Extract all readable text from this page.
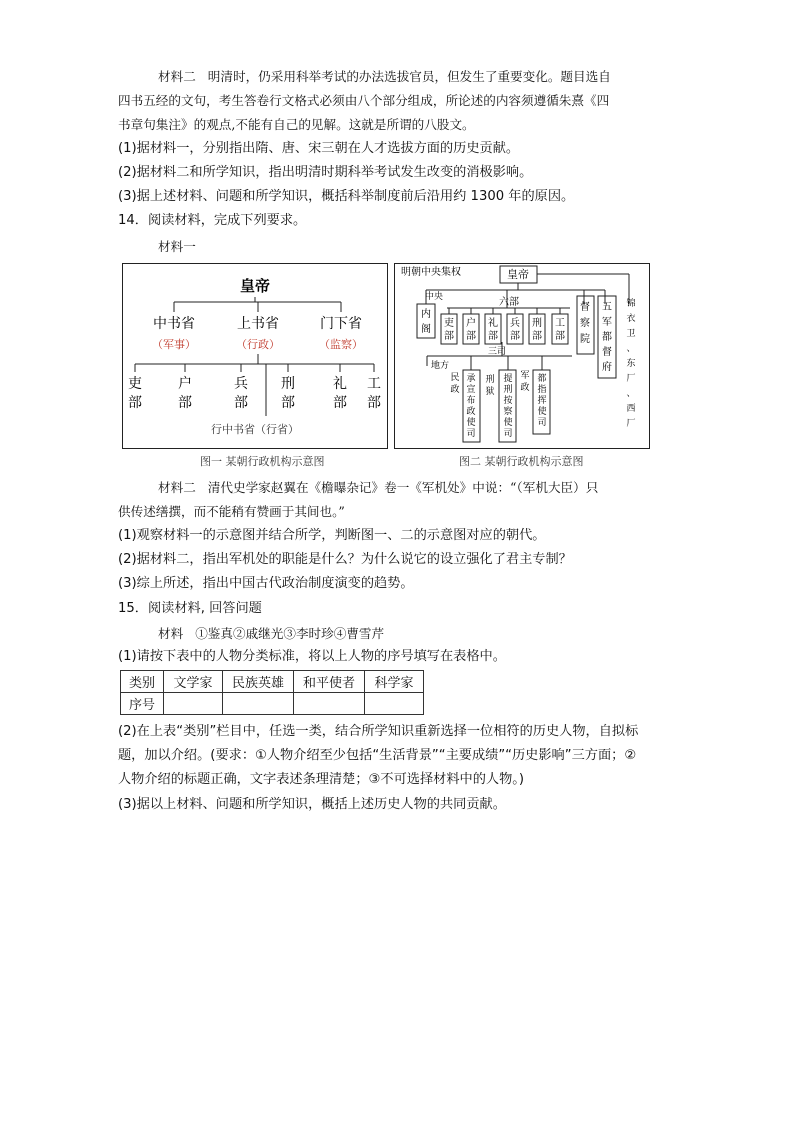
材料二 明清时，仍采用科举考试的办法选拔官员，但发生了重要变化。题目选自
四书五经的文句，考生答卷行文格式必须由八个部分组成，所论述的内容须遵循朱熹《四
书章句集注》的观点,不能有自己的见解。这就是所谓的八股文。
(1)据材料一，分别指出隋、唐、宋三朝在人才选拔方面的历史贡献。
(2)据材料二和所学知识，指出明清时期科举考试发生改变的消极影响。
(3)据上述材料、问题和所学知识，概括科举制度前后沿用约 1300 年的原因。
14．阅读材料，完成下列要求。
材料一
皇帝
中书省	上书省	门下省
（军事）	（行政）	（监察）
吏
部
户
部
兵
部
刑
部
礼
部
工
部
行中书省（行省）
图一 某朝行政机构示意图
明朝中央集权	皇帝
中央	六部
三司
地方
内
阁
吏
部
户
部
礼
部
兵
部
刑
部
工
部
督
察
院
五
军
都
督
府
锦
衣
卫
、
东
厂
、
西
厂
民
政
刑
狱
军
政
承
宣
布
政
使
司
提
刑
按
察
使
司
都
指
挥
使
司
图二 某朝行政机构示意图
材料二 清代史学家赵翼在《檐曝杂记》卷一《军机处》中说：“（军机大臣）只
供传述缮撰，而不能稍有赞画于其间也。”
(1)观察材料一的示意图并结合所学，判断图一、二的示意图对应的朝代。
(2)据材料二，指出军机处的职能是什么？为什么说它的设立强化了君主专制？
(3)综上所述，指出中国古代政治制度演变的趋势。
15．阅读材料, 回答问题
材料 ①鉴真②戚继光③李时珍④曹雪芹
(1)请按下表中的人物分类标准，将以上人物的序号填写在表格中。
类别	文学家	民族英雄	和平使者	科学家
序号				
(2)在上表“类别”栏目中，任选一类，结合所学知识重新选择一位相符的历史人物，自拟标
题，加以介绍。(要求：①人物介绍至少包括“生活背景”“主要成绩”“历史影响”三方面；②
人物介绍的标题正确，文字表述条理清楚；③不可选择材料中的人物。)
(3)据以上材料、问题和所学知识，概括上述历史人物的共同贡献。
